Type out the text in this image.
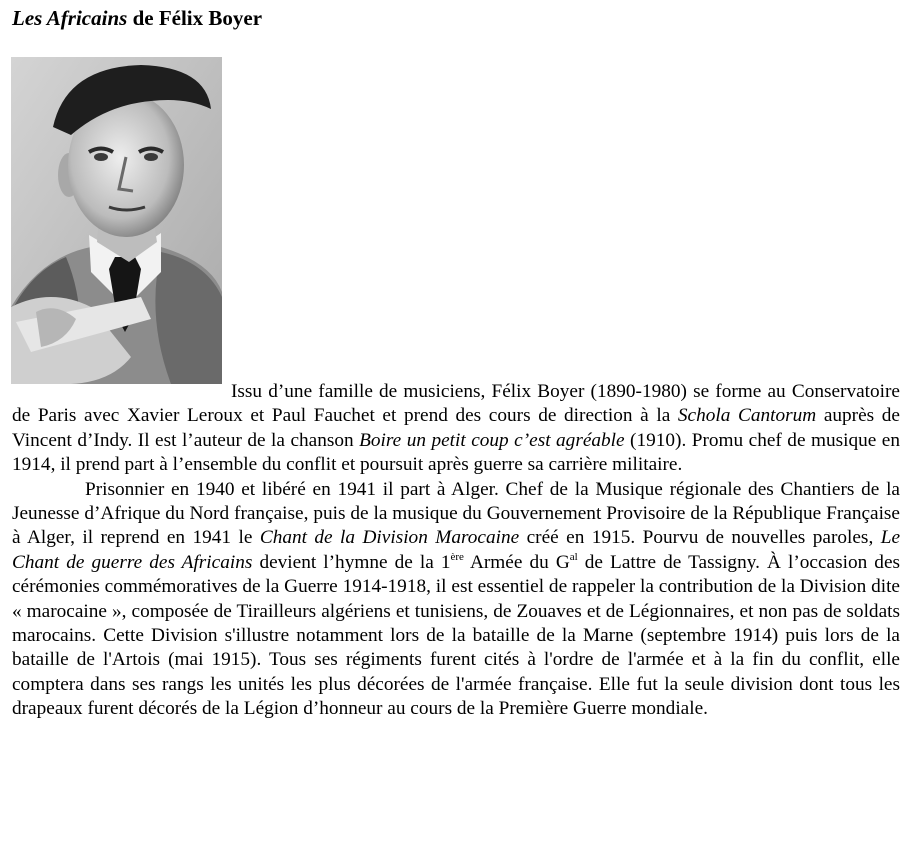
Les Africains de Félix Boyer

Issu d’une famille de musiciens, Félix Boyer (1890-1980) se forme au Conservatoire de Paris avec Xavier Leroux et Paul Fauchet et prend des cours de direction à la Schola Cantorum auprès de Vincent d’Indy. Il est l’auteur de la chanson Boire un petit coup c’est agréable (1910). Promu chef de musique en 1914, il prend part à l’ensemble du conflit et poursuit après guerre sa carrière militaire.

Prisonnier en 1940 et libéré en 1941 il part à Alger. Chef de la Musique régionale des Chantiers de la Jeunesse d’Afrique du Nord française, puis de la musique du Gouvernement Provisoire de la République Française à Alger, il reprend en 1941 le Chant de la Division Marocaine créé en 1915. Pourvu de nouvelles paroles, Le Chant de guerre des Africains devient l’hymne de la 1ère Armée du $G^{al}$ de Lattre de Tassigny. À l’occasion des cérémonies commémoratives de la Guerre 1914-1918, il est essentiel de rappeler la contribution de la Division dite « marocaine », composée de Tirailleurs algériens et tunisiens, de Zouaves et de Légionnaires, et non pas de soldats marocains. Cette Division s'illustre notamment lors de la bataille de la Marne (septembre 1914) puis lors de la bataille de l'Artois (mai 1915). Tous ses régiments furent cités à l'ordre de l'armée et à la fin du conflit, elle comptera dans ses rangs les unités les plus décorées de l'armée française. Elle fut la seule division dont tous les drapeaux furent décorés de la Légion d’honneur au cours de la Première Guerre mondiale.
